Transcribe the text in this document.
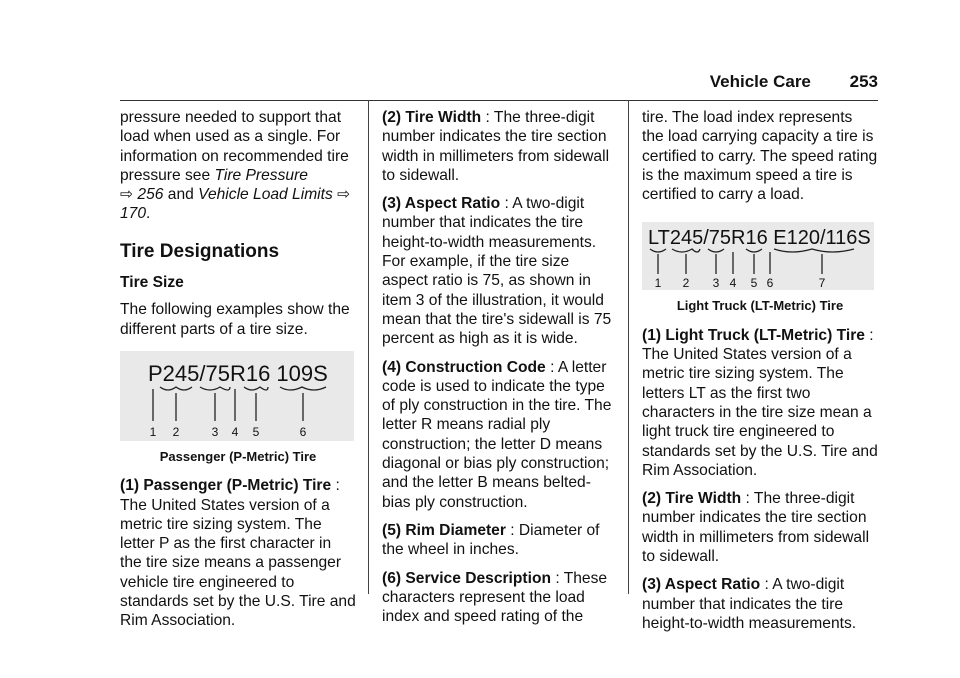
Vehicle Care 253

pressure needed to support that load when used as a single. For information on recommended tire pressure see Tire Pressure
⇨ 256 and Vehicle Load Limits ⇨ 170.

Tire Designations
Tire Size

The following examples show the different parts of a tire size.

P245/75R16 109S
1 2	3 4 5	6
Passenger (P-Metric) Tire

(1) Passenger (P-Metric) Tire :
The United States version of a metric tire sizing system. The letter P as the first character in the tire size means a passenger vehicle tire engineered to standards set by the U.S. Tire and Rim Association.

(2) Tire Width : The three-digit number indicates the tire section width in millimeters from sidewall to sidewall.

(3) Aspect Ratio : A two-digit number that indicates the tire height-to-width measurements. For example, if the tire size aspect ratio is 75, as shown in item 3 of the illustration, it would mean that the tire's sidewall is 75 percent as high as it is wide.

(4) Construction Code : A letter code is used to indicate the type of ply construction in the tire. The letter R means radial ply construction; the letter D means diagonal or bias ply construction; and the letter B means belted-bias ply construction.

(5) Rim Diameter : Diameter of the wheel in inches.

(6) Service Description : These characters represent the load index and speed rating of the

tire. The load index represents the load carrying capacity a tire is certified to carry. The speed rating is the maximum speed a tire is certified to carry a load.

LT245/75R16 E120/116S
1 2 3 4 5 6	7
Light Truck (LT-Metric) Tire

(1) Light Truck (LT-Metric) Tire : The United States version of a metric tire sizing system. The letters LT as the first two characters in the tire size mean a light truck tire engineered to standards set by the U.S. Tire and Rim Association.

(2) Tire Width : The three-digit number indicates the tire section width in millimeters from sidewall to sidewall.

(3) Aspect Ratio : A two-digit number that indicates the tire height-to-width measurements.
